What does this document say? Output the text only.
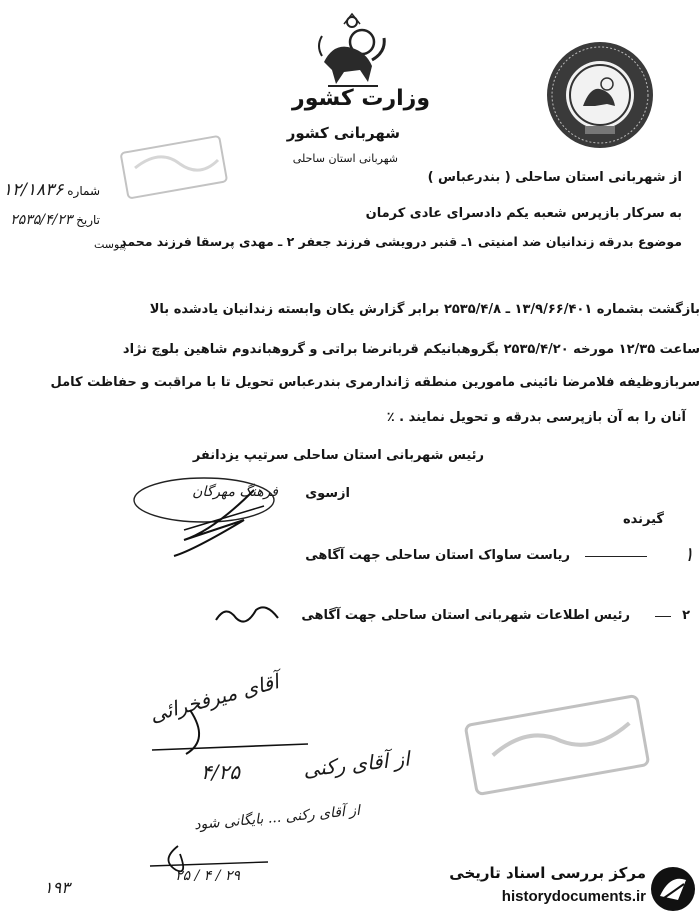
وزارت کشور
شهربانی کشور
شهربانی استان ساحلی
شماره ۱۲/۱۸۳۶
تاریخ ۲۵۳۵/۴/۲۳
پیوست
از شهربانی استان ساحلی ( بندرعباس )
به سرکار بازپرس شعبه یکم دادسرای عادی کرمان
موضوع بدرقه زندانیان ضد امنیتی ۱ـ قنبر درویشی فرزند جعفر ۲ ـ مهدی پرسقا فرزند محمد
بازگشت بشماره ۱۳/۹/۶۶/۴۰۱ ـ ۲۵۳۵/۴/۸ برابر گزارش یکان وابسته زندانیان یادشده بالا
ساعت ۱۲/۳۵ مورخه ۲۵۳۵/۴/۲۰ بگروهبانیکم قربانرضا براتی و گروهباندوم شاهین بلوچ نژاد
سربازوظیفه فلامرضا نائینی مامورین منطقه ژاندارمری بندرعباس تحویل تا با مراقبت و حفاظت کامل
آنان را به آن بازپرسی بدرقه و تحویل نمایند . ٪
رئیس شهربانی استان ساحلی سرتیپ یزدانفر
ازسوی
فرهنگ مهرگان
گیرنده
۱
ریاست ساواک استان ساحلی جهت آگاهی
۲
رئیس اطلاعات شهربانی استان ساحلی جهت آگاهی
آقای میرفخرائی
از آقای رکنی
۴/۲۵
از آقای رکنی ... بایگانی شود
۲۹ / ۴ / ۲۵
۱۹۳
مرکز بررسی اسناد تاریخی
historydocuments.ir
